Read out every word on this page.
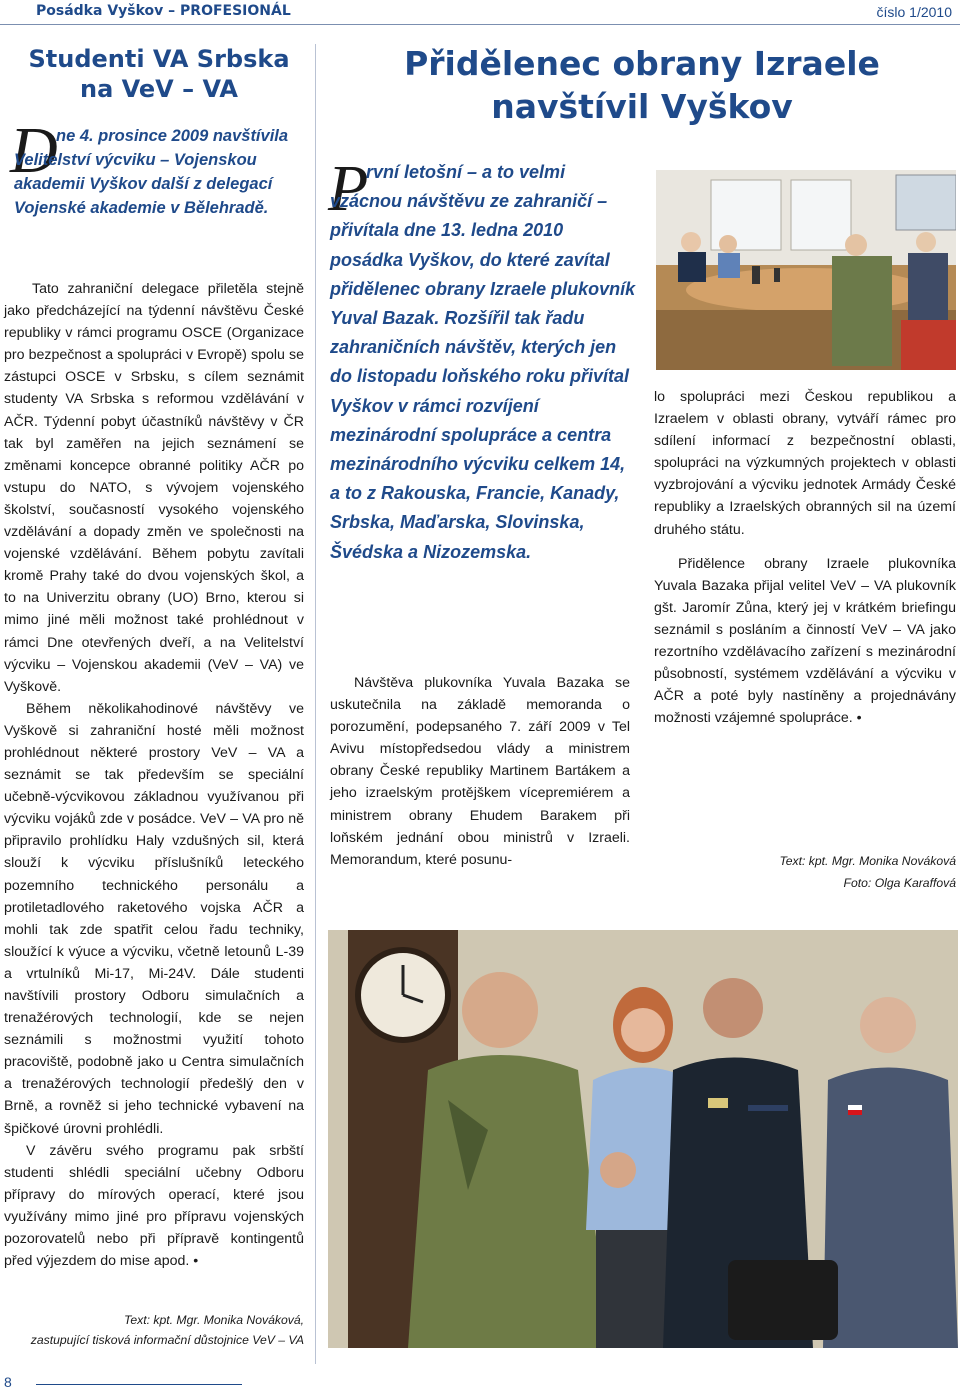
Posádka Vyškov – PROFESIONÁL	číslo 1/2010
Studenti VA Srbska na VeV – VA
D
ne 4. prosince 2009 navštívila Velitelství výcviku – Vojenskou akademii Vyškov další z delegací Vojenské akademie v Bělehradě.

Tato zahraniční delegace přiletěla stejně jako předcházející na týdenní návštěvu České republiky v rámci programu OSCE (Organizace pro bezpečnost a spolupráci v Evropě) spolu se zástupci OSCE v Srbsku, s cílem seznámit studenty VA Srbska s reformou vzdělávání v AČR. Týdenní pobyt účastníků návštěvy v ČR tak byl zaměřen na jejich seznámení se změnami koncepce obranné politiky AČR po vstupu do NATO, s vývojem vojenského školství, současností vysokého vojenského vzdělávání a dopady změn ve společnosti na vojenské vzdělávání. Během pobytu zavítali kromě Prahy také do dvou vojenských škol, a to na Univerzitu obrany (UO) Brno, kterou si mimo jiné měli možnost také prohlédnout v rámci Dne otevřených dveří, a na Velitelství výcviku – Vojenskou akademii (VeV – VA) ve Vyškově.

Během několikahodinové návštěvy ve Vyškově si zahraniční hosté měli možnost prohlédnout některé prostory VeV – VA a seznámit se tak především se speciální učebně-výcvikovou základnou využívanou při výcviku vojáků zde v posádce. VeV – VA pro ně připravilo prohlídku Haly vzdušných sil, která slouží k výcviku příslušníků leteckého pozemního technického personálu a protiletadlového raketového vojska AČR a mohli tak zde spatřit celou řadu techniky, sloužící k výuce a výcviku, včetně letounů L-39 a vrtulníků Mi-17, Mi-24V. Dále studenti navštívili prostory Odboru simulačních a trenažérových technologií, kde se nejen seznámili s možnostmi využití tohoto pracoviště, podobně jako u Centra simulačních a trenažérových technologií předešlý den v Brně, a rovněž si jeho technické vybavení na špičkové úrovni prohlédli.

V závěru svého programu pak srbští studenti shlédli speciální učebny Odboru přípravy do mírových operací, které jsou využívány mimo jiné pro přípravu vojenských pozorovatelů nebo při přípravě kontingentů před výjezdem do mise apod. •

Text: kpt. Mgr. Monika Nováková,
zastupující tisková informační důstojnice VeV – VA
Přidělenec obrany Izraele navštívil Vyškov
P
rvní letošní – a to velmi vzácnou návštěvu ze zahraničí – přivítala dne 13. ledna 2010 posádka Vyškov, do které zavítal přidělenec obrany Izraele plukovník Yuval Bazak. Rozšířil tak řadu zahraničních návštěv, kterých jen do listopadu loňského roku přivítal Vyškov v rámci rozvíjení mezinárodní spolupráce a centra mezinárodního výcviku celkem 14, a to z Rakouska, Francie, Kanady, Srbska, Maďarska, Slovinska, Švédska a Nizozemska.

lo spolupráci mezi Českou republikou a Izraelem v oblasti obrany, vytváří rámec pro sdílení informací z bezpečnostní oblasti, spolupráci na výzkumných projektech v oblasti vyzbrojování a výcviku jednotek Armády České republiky a Izraelských obranných sil na území druhého státu.

Přidělence obrany Izraele plukovníka Yuvala Bazaka přijal velitel VeV – VA plukovník gšt. Jaromír Zůna, který jej v krátkém briefingu seznámil s posláním a činností VeV – VA jako rezortního vzdělávacího zařízení s mezinárodní působností, systémem vzdělávání a výcviku v AČR a poté byly nastíněny a projednávány možnosti vzájemné spolupráce. •

Text: kpt. Mgr. Monika Nováková
Foto: Olga Karaffová

Návštěva plukovníka Yuvala Bazaka se uskutečnila na základě memoranda o porozumění, podepsaného 7. září 2009 v Tel Avivu místopředsedou vlády a ministrem obrany České republiky Martinem Bartákem a jeho izraelským protějškem vícepremiérem a ministrem obrany Ehudem Barakem při loňském jednání obou ministrů v Izraeli. Memorandum, které posunu-

8
